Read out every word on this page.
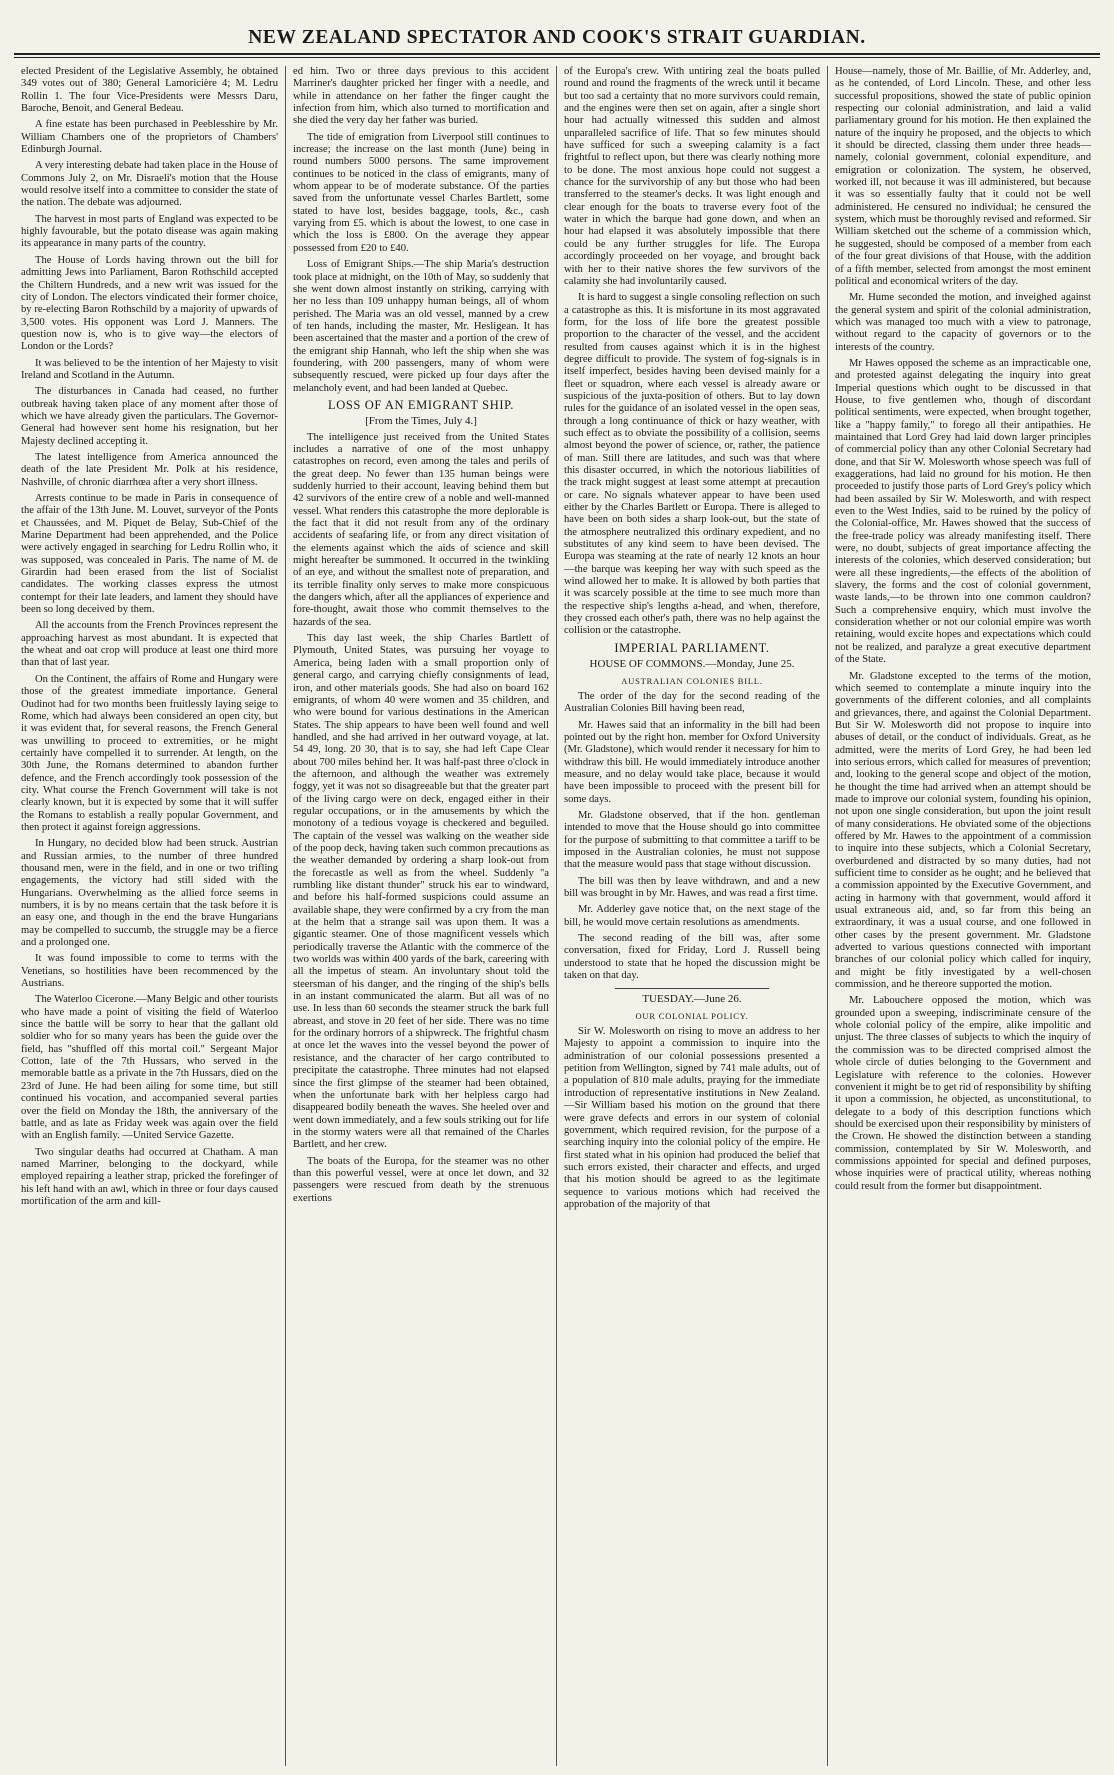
NEW ZEALAND SPECTATOR AND COOK'S STRAIT GUARDIAN.

elected President of the Legislative Assembly, he obtained 349 votes out of 380; General Lamoricière 4; M. Ledru Rollin 1. The four Vice-Presidents were Messrs Daru, Baroche, Benoit, and General Bedeau.

A fine estate has been purchased in Peeblesshire by Mr. William Chambers one of the proprietors of Chambers' Edinburgh Journal.

A very interesting debate had taken place in the House of Commons July 2, on Mr. Disraeli's motion that the House would resolve itself into a committee to consider the state of the nation. The debate was adjourned.

The harvest in most parts of England was expected to be highly favourable, but the potato disease was again making its appearance in many parts of the country.

The House of Lords having thrown out the bill for admitting Jews into Parliament, Baron Rothschild accepted the Chiltern Hundreds, and a new writ was issued for the city of London. The electors vindicated their former choice, by re-electing Baron Rothschild by a majority of upwards of 3,500 votes. His opponent was Lord J. Manners. The question now is, who is to give way—the electors of London or the Lords?

It was believed to be the intention of her Majesty to visit Ireland and Scotland in the Autumn.

The disturbances in Canada had ceased, no further outbreak having taken place of any moment after those of which we have already given the particulars. The Governor-General had however sent home his resignation, but her Majesty declined accepting it.

The latest intelligence from America announced the death of the late President Mr. Polk at his residence, Nashville, of chronic diarrhœa after a very short illness.

Arrests continue to be made in Paris in consequence of the affair of the 13th June. M. Louvet, surveyor of the Ponts et Chaussées, and M. Piquet de Belay, Sub-Chief of the Marine Department had been apprehended, and the Police were actively engaged in searching for Ledru Rollin who, it was supposed, was concealed in Paris. The name of M. de Girardin had been erased from the list of Socialist candidates. The working classes express the utmost contempt for their late leaders, and lament they should have been so long deceived by them.

All the accounts from the French Provinces represent the approaching harvest as most abundant. It is expected that the wheat and oat crop will produce at least one third more than that of last year.

On the Continent, the affairs of Rome and Hungary were those of the greatest immediate importance. General Oudinot had for two months been fruitlessly laying seige to Rome, which had always been considered an open city, but it was evident that, for several reasons, the French General was unwilling to proceed to extremities, or he might certainly have compelled it to surrender. At length, on the 30th June, the Romans determined to abandon further defence, and the French accordingly took possession of the city. What course the French Government will take is not clearly known, but it is expected by some that it will suffer the Romans to establish a really popular Government, and then protect it against foreign aggressions.

In Hungary, no decided blow had been struck. Austrian and Russian armies, to the number of three hundred thousand men, were in the field, and in one or two trifling engagements, the victory had still sided with the Hungarians. Overwhelming as the allied force seems in numbers, it is by no means certain that the task before it is an easy one, and though in the end the brave Hungarians may be compelled to succumb, the struggle may be a fierce and a prolonged one.

It was found impossible to come to terms with the Venetians, so hostilities have been recommenced by the Austrians.

The Waterloo Cicerone.—Many Belgic and other tourists who have made a point of visiting the field of Waterloo since the battle will be sorry to hear that the gallant old soldier who for so many years has been the guide over the field, has "shuffled off this mortal coil." Sergeant Major Cotton, late of the 7th Hussars, who served in the memorable battle as a private in the 7th Hussars, died on the 23rd of June. He had been ailing for some time, but still continued his vocation, and accompanied several parties over the field on Monday the 18th, the anniversary of the battle, and as late as Friday week was again over the field with an English family. —United Service Gazette.

Two singular deaths had occurred at Chatham. A man named Marriner, belonging to the dockyard, while employed repairing a leather strap, pricked the forefinger of his left hand with an awl, which in three or four days caused mortification of the arm and kill-

ed him. Two or three days previous to this accident Marriner's daughter pricked her finger with a needle, and while in attendance on her father the finger caught the infection from him, which also turned to mortification and she died the very day her father was buried.

The tide of emigration from Liverpool still continues to increase; the increase on the last month (June) being in round numbers 5000 persons. The same improvement continues to be noticed in the class of emigrants, many of whom appear to be of moderate substance. Of the parties saved from the unfortunate vessel Charles Bartlett, some stated to have lost, besides baggage, tools, &c., cash varying from £5. which is about the lowest, to one case in which the loss is £800. On the average they appear possessed from £20 to £40.

Loss of Emigrant Ships.—The ship Maria's destruction took place at midnight, on the 10th of May, so suddenly that she went down almost instantly on striking, carrying with her no less than 109 unhappy human beings, all of whom perished. The Maria was an old vessel, manned by a crew of ten hands, including the master, Mr. Hesligean. It has been ascertained that the master and a portion of the crew of the emigrant ship Hannah, who left the ship when she was foundering, with 200 passengers, many of whom were subsequently rescued, were picked up four days after the melancholy event, and had been landed at Quebec.

LOSS OF AN EMIGRANT SHIP.

[From the Times, July 4.]

The intelligence just received from the United States includes a narrative of one of the most unhappy catastrophes on record, even among the tales and perils of the great deep. No fewer than 135 human beings were suddenly hurried to their account, leaving behind them but 42 survivors of the entire crew of a noble and well-manned vessel. What renders this catastrophe the more deplorable is the fact that it did not result from any of the ordinary accidents of seafaring life, or from any direct visitation of the elements against which the aids of science and skill might hereafter be summoned. It occurred in the twinkling of an eye, and without the smallest note of preparation, and its terrible finality only serves to make more conspicuous the dangers which, after all the appliances of experience and fore-thought, await those who commit themselves to the hazards of the sea.

This day last week, the ship Charles Bartlett of Plymouth, United States, was pursuing her voyage to America, being laden with a small proportion only of general cargo, and carrying chiefly consignments of lead, iron, and other materials goods. She had also on board 162 emigrants, of whom 40 were women and 35 children, and who were bound for various destinations in the American States. The ship appears to have been well found and well handled, and she had arrived in her outward voyage, at lat. 54 49, long. 20 30, that is to say, she had left Cape Clear about 700 miles behind her. It was half-past three o'clock in the afternoon, and although the weather was extremely foggy, yet it was not so disagreeable but that the greater part of the living cargo were on deck, engaged either in their regular occupations, or in the amusements by which the monotony of a tedious voyage is checkered and beguiled. The captain of the vessel was walking on the weather side of the poop deck, having taken such common precautions as the weather demanded by ordering a sharp look-out from the forecastle as well as from the wheel. Suddenly "a rumbling like distant thunder" struck his ear to windward, and before his half-formed suspicions could assume an available shape, they were confirmed by a cry from the man at the helm that a strange sail was upon them. It was a gigantic steamer. One of those magnificent vessels which periodically traverse the Atlantic with the commerce of the two worlds was within 400 yards of the bark, careering with all the impetus of steam. An involuntary shout told the steersman of his danger, and the ringing of the ship's bells in an instant communicated the alarm. But all was of no use. In less than 60 seconds the steamer struck the bark full abreast, and stove in 20 feet of her side. There was no time for the ordinary horrors of a shipwreck. The frightful chasm at once let the waves into the vessel beyond the power of resistance, and the character of her cargo contributed to precipitate the catastrophe. Three minutes had not elapsed since the first glimpse of the steamer had been obtained, when the unfortunate bark with her helpless cargo had disappeared bodily beneath the waves. She heeled over and went down immediately, and a few souls striking out for life in the stormy waters were all that remained of the Charles Bartlett, and her crew.

The boats of the Europa, for the steamer was no other than this powerful vessel, were at once let down, and 32 passengers were rescued from death by the strenuous exertions

of the Europa's crew. With untiring zeal the boats pulled round and round the fragments of the wreck until it became but too sad a certainty that no more survivors could remain, and the engines were then set on again, after a single short hour had actually witnessed this sudden and almost unparalleled sacrifice of life. That so few minutes should have sufficed for such a sweeping calamity is a fact frightful to reflect upon, but there was clearly nothing more to be done. The most anxious hope could not suggest a chance for the survivorship of any but those who had been transferred to the steamer's decks. It was light enough and clear enough for the boats to traverse every foot of the water in which the barque had gone down, and when an hour had elapsed it was absolutely impossible that there could be any further struggles for life. The Europa accordingly proceeded on her voyage, and brought back with her to their native shores the few survivors of the calamity she had involuntarily caused.

It is hard to suggest a single consoling reflection on such a catastrophe as this. It is misfortune in its most aggravated form, for the loss of life bore the greatest possible proportion to the character of the vessel, and the accident resulted from causes against which it is in the highest degree difficult to provide. The system of fog-signals is in itself imperfect, besides having been devised mainly for a fleet or squadron, where each vessel is already aware or suspicious of the juxta-position of others. But to lay down rules for the guidance of an isolated vessel in the open seas, through a long continuance of thick or hazy weather, with such effect as to obviate the possibility of a collision, seems almost beyond the power of science, or, rather, the patience of man. Still there are latitudes, and such was that where this disaster occurred, in which the notorious liabilities of the track might suggest at least some attempt at precaution or care. No signals whatever appear to have been used either by the Charles Bartlett or Europa. There is alleged to have been on both sides a sharp look-out, but the state of the atmosphere neutralized this ordinary expedient, and no substitutes of any kind seem to have been devised. The Europa was steaming at the rate of nearly 12 knots an hour—the barque was keeping her way with such speed as the wind allowed her to make. It is allowed by both parties that it was scarcely possible at the time to see much more than the respective ship's lengths a-head, and when, therefore, they crossed each other's path, there was no help against the collision or the catastrophe.

IMPERIAL PARLIAMENT.

HOUSE OF COMMONS.—Monday, June 25.

AUSTRALIAN COLONIES BILL.

The order of the day for the second reading of the Australian Colonies Bill having been read,

Mr. Hawes said that an informality in the bill had been pointed out by the right hon. member for Oxford University (Mr. Gladstone), which would render it necessary for him to withdraw this bill. He would immediately introduce another measure, and no delay would take place, because it would have been impossible to proceed with the present bill for some days.

Mr. Gladstone observed, that if the hon. gentleman intended to move that the House should go into committee for the purpose of submitting to that committee a tariff to be imposed in the Australian colonies, he must not suppose that the measure would pass that stage without discussion.

The bill was then by leave withdrawn, and and a new bill was brought in by Mr. Hawes, and was read a first time.

Mr. Adderley gave notice that, on the next stage of the bill, he would move certain resolutions as amendments.

The second reading of the bill was, after some conversation, fixed for Friday, Lord J. Russell being understood to state that he hoped the discussion might be taken on that day.

TUESDAY.—June 26.

OUR COLONIAL POLICY.

Sir W. Molesworth on rising to move an address to her Majesty to appoint a commission to inquire into the administration of our colonial possessions presented a petition from Wellington, signed by 741 male adults, out of a population of 810 male adults, praying for the immediate introduction of representative institutions in New Zealand.—Sir William based his motion on the ground that there were grave defects and errors in our system of colonial government, which required revision, for the purpose of a searching inquiry into the colonial policy of the empire. He first stated what in his opinion had produced the belief that such errors existed, their character and effects, and urged that his motion should be agreed to as the legitimate sequence to various motions which had received the approbation of the majority of that

House—namely, those of Mr. Baillie, of Mr. Adderley, and, as he contended, of Lord Lincoln. These, and other less successful propositions, showed the state of public opinion respecting our colonial administration, and laid a valid parliamentary ground for his motion. He then explained the nature of the inquiry he proposed, and the objects to which it should be directed, classing them under three heads—namely, colonial government, colonial expenditure, and emigration or colonization. The system, he observed, worked ill, not because it was ill administered, but because it was so essentially faulty that it could not be well administered. He censured no individual; he censured the system, which must be thoroughly revised and reformed. Sir William sketched out the scheme of a commission which, he suggested, should be composed of a member from each of the four great divisions of that House, with the addition of a fifth member, selected from amongst the most eminent political and economical writers of the day.

Mr. Hume seconded the motion, and inveighed against the general system and spirit of the colonial administration, which was managed too much with a view to patronage, without regard to the capacity of governors or to the interests of the country.

Mr Hawes opposed the scheme as an impracticable one, and protested against delegating the inquiry into great Imperial questions which ought to be discussed in that House, to five gentlemen who, though of discordant political sentiments, were expected, when brought together, like a "happy family," to forego all their antipathies. He maintained that Lord Grey had laid down larger principles of commercial policy than any other Colonial Secretary had done, and that Sir W. Molesworth whose speech was full of exaggerations, had laid no ground for his motion. He then proceeded to justify those parts of Lord Grey's policy which had been assailed by Sir W. Molesworth, and with respect even to the West Indies, said to be ruined by the policy of the Colonial-office, Mr. Hawes showed that the success of the free-trade policy was already manifesting itself. There were, no doubt, subjects of great importance affecting the interests of the colonies, which deserved consideration; but were all these ingredients,—the effects of the abolition of slavery, the forms and the cost of colonial government, waste lands,—to be thrown into one common cauldron? Such a comprehensive enquiry, which must involve the consideration whether or not our colonial empire was worth retaining, would excite hopes and expectations which could not be realized, and paralyze a great executive department of the State.

Mr. Gladstone excepted to the terms of the motion, which seemed to contemplate a minute inquiry into the governments of the different colonies, and all complaints and grievances, there, and against the Colonial Department. But Sir W. Molesworth did not propose to inquire into abuses of detail, or the conduct of individuals. Great, as he admitted, were the merits of Lord Grey, he had been led into serious errors, which called for measures of prevention; and, looking to the general scope and object of the motion, he thought the time had arrived when an attempt should be made to improve our colonial system, founding his opinion, not upon one single consideration, but upon the joint result of many considerations. He obviated some of the objections offered by Mr. Hawes to the appointment of a commission to inquire into these subjects, which a Colonial Secretary, overburdened and distracted by so many duties, had not sufficient time to consider as he ought; and he believed that a commission appointed by the Executive Government, and acting in harmony with that government, would afford it usual extraneous aid, and, so far from this being an extraordinary, it was a usual course, and one followed in other cases by the present government. Mr. Gladstone adverted to various questions connected with important branches of our colonial policy which called for inquiry, and might be fitly investigated by a well-chosen commission, and he thereore supported the motion.

Mr. Labouchere opposed the motion, which was grounded upon a sweeping, indiscriminate censure of the whole colonial policy of the empire, alike impolitic and unjust. The three classes of subjects to which the inquiry of the commission was to be directed comprised almost the whole circle of duties belonging to the Government and Legislature with reference to the colonies. However convenient it might be to get rid of responsibility by shifting it upon a commission, he objected, as unconstitutional, to delegate to a body of this description functions which should be exercised upon their responsibility by ministers of the Crown. He showed the distinction between a standing commission, contemplated by Sir W. Molesworth, and commissions appointed for special and defined purposes, whose inquiries were of practical utility, whereas nothing could result from the former but disappointment.
